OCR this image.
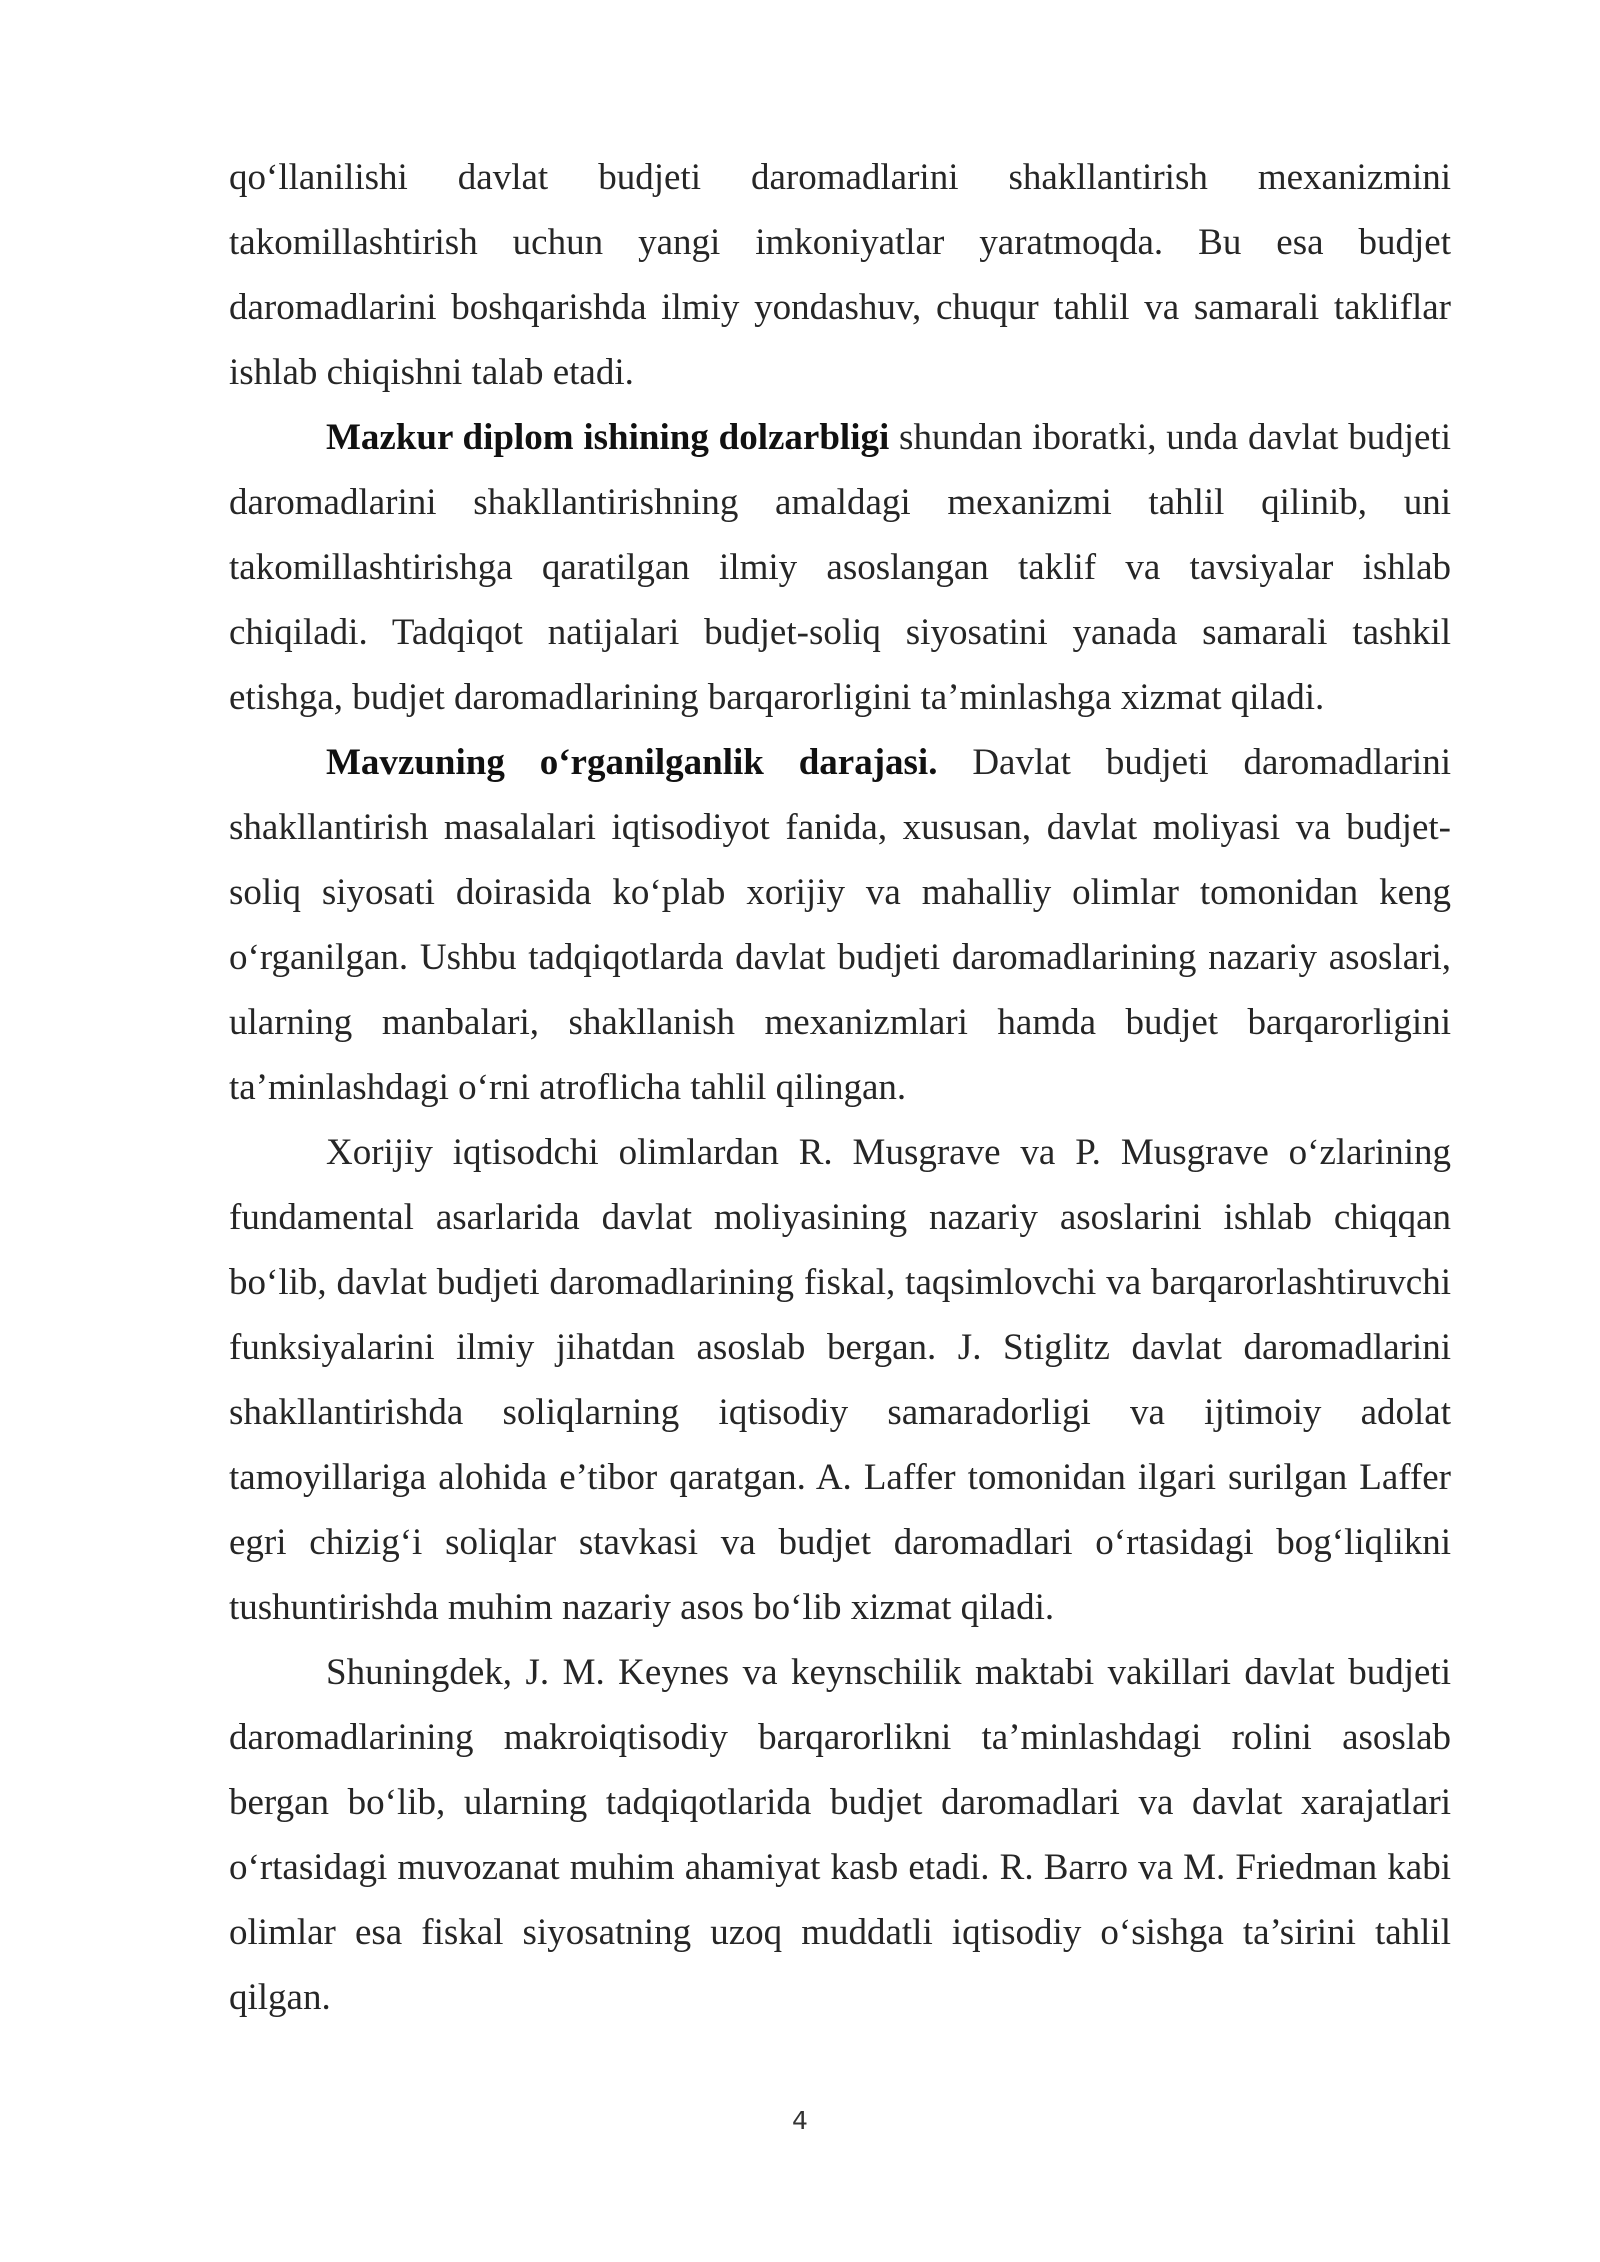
qo‘llanilishi davlat budjeti daromadlarini shakllantirish mexanizmini takomillashtirish uchun yangi imkoniyatlar yaratmoqda. Bu esa budjet daromadlarini boshqarishda ilmiy yondashuv, chuqur tahlil va samarali takliflar ishlab chiqishni talab etadi.

Mazkur diplom ishining dolzarbligi shundan iboratki, unda davlat budjeti daromadlarini shakllantirishning amaldagi mexanizmi tahlil qilinib, uni takomillashtirishga qaratilgan ilmiy asoslangan taklif va tavsiyalar ishlab chiqiladi. Tadqiqot natijalari budjet-soliq siyosatini yanada samarali tashkil etishga, budjet daromadlarining barqarorligini ta’minlashga xizmat qiladi.

Mavzuning o‘rganilganlik darajasi. Davlat budjeti daromadlarini shakllantirish masalalari iqtisodiyot fanida, xususan, davlat moliyasi va budjet-soliq siyosati doirasida ko‘plab xorijiy va mahalliy olimlar tomonidan keng o‘rganilgan. Ushbu tadqiqotlarda davlat budjeti daromadlarining nazariy asoslari, ularning manbalari, shakllanish mexanizmlari hamda budjet barqarorligini ta’minlashdagi o‘rni atroflicha tahlil qilingan.

Xorijiy iqtisodchi olimlardan R. Musgrave va P. Musgrave o‘zlarining fundamental asarlarida davlat moliyasining nazariy asoslarini ishlab chiqqan bo‘lib, davlat budjeti daromadlarining fiskal, taqsimlovchi va barqarorlashtiruvchi funksiyalarini ilmiy jihatdan asoslab bergan. J. Stiglitz davlat daromadlarini shakllantirishda soliqlarning iqtisodiy samaradorligi va ijtimoiy adolat tamoyillariga alohida e’tibor qaratgan. A. Laffer tomonidan ilgari surilgan Laffer egri chizig‘i soliqlar stavkasi va budjet daromadlari o‘rtasidagi bog‘liqlikni tushuntirishda muhim nazariy asos bo‘lib xizmat qiladi.

Shuningdek, J. M. Keynes va keynschilik maktabi vakillari davlat budjeti daromadlarining makroiqtisodiy barqarorlikni ta’minlashdagi rolini asoslab bergan bo‘lib, ularning tadqiqotlarida budjet daromadlari va davlat xarajatlari o‘rtasidagi muvozanat muhim ahamiyat kasb etadi. R. Barro va M. Friedman kabi olimlar esa fiskal siyosatning uzoq muddatli iqtisodiy o‘sishga ta’sirini tahlil qilgan.

4
